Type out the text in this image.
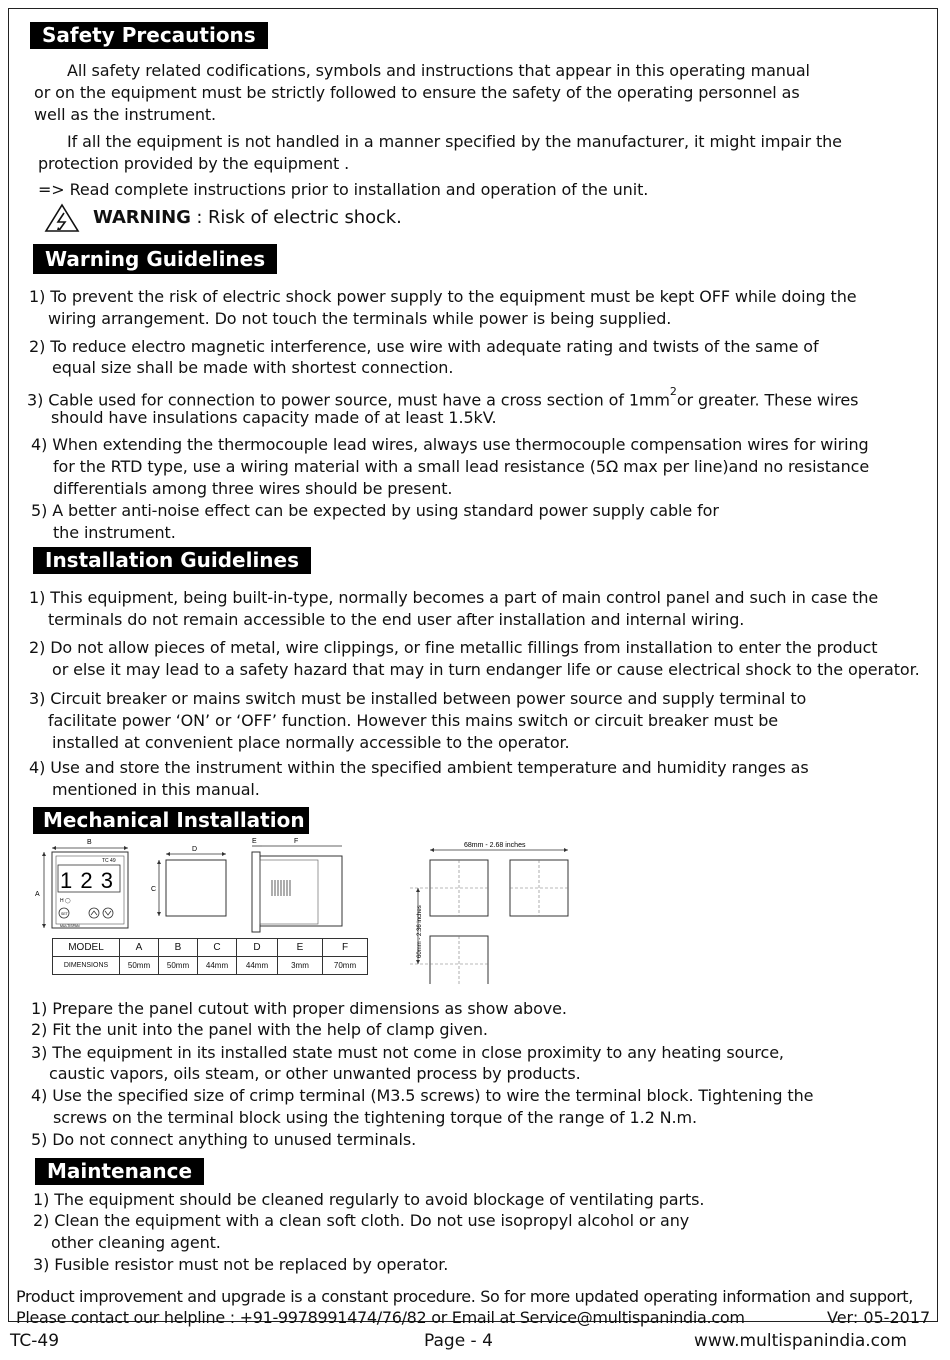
Safety Precautions
All safety related codifications, symbols and instructions that appear in this operating manual
or on the equipment must be strictly followed to ensure the safety of the operating personnel as
well as the instrument.
If all the equipment is not handled in a manner specified by the manufacturer, it might impair the
protection provided by the equipment .
=> Read complete instructions prior to installation and operation of the unit.
WARNING : Risk of electric shock.
Warning Guidelines
1) To prevent the risk of electric shock power supply to the equipment must be kept OFF while doing the
wiring arrangement. Do not touch the terminals while power is being supplied.
2) To reduce electro magnetic interference, use wire with adequate rating and twists of the same of
equal size shall be made with shortest connection.
3) Cable used for connection to power source, must have a cross section of $1mm^2or$ greater. These wires
should have insulations capacity made of at least 1.5kV.
4) When extending the thermocouple lead wires, always use thermocouple compensation wires for wiring
for the RTD type, use a wiring material with a small lead resistance (5Ω max per line)and no resistance
differentials among three wires should be present.
5) A better anti-noise effect can be expected by using standard power supply cable for
the instrument.
Installation Guidelines
1) This equipment, being built-in-type, normally becomes a part of main control panel and such in case the
terminals do not remain accessible to the end user after installation and internal wiring.
2) Do not allow pieces of metal, wire clippings, or fine metallic fillings from installation to enter the product
or else it may lead to a safety hazard that may in turn endanger life or cause electrical shock to the operator.
3) Circuit breaker or mains switch must be installed between power source and supply terminal to
facilitate power ‘ON’ or ‘OFF’ function. However this mains switch or circuit breaker must be
installed at convenient place normally accessible to the operator.
4) Use and store the instrument within the specified ambient temperature and humidity ranges as
mentioned in this manual.
Mechanical Installation
B
TC 49
1 2 3
H ◯
SET
MULTISPAN
A
D
C
E	F
68mm - 2.68 inches
60mm - 2.36 inches
MODEL	A	B	C	D	E	F
DIMENSIONS	50mm	50mm	44mm	44mm	3mm	70mm
1) Prepare the panel cutout with proper dimensions as show above.
2) Fit the unit into the panel with the help of clamp given.
3) The equipment in its installed state must not come in close proximity to any heating source,
caustic vapors, oils steam, or other unwanted process by products.
4) Use the specified size of crimp terminal (M3.5 screws) to wire the terminal block. Tightening the
screws on the terminal block using the tightening torque of the range of 1.2 N.m.
5) Do not connect anything to unused terminals.
Maintenance
1) The equipment should be cleaned regularly to avoid blockage of ventilating parts.
2) Clean the equipment with a clean soft cloth. Do not use isopropyl alcohol or any
other cleaning agent.
3) Fusible resistor must not be replaced by operator.
Product improvement and upgrade is a constant procedure. So for more updated operating information and support,
Please contact our helpline : +91-9978991474/76/82 or Email at Service@multispanindia.com	Ver: 05-2017
TC-49	Page - 4	www.multispanindia.com
